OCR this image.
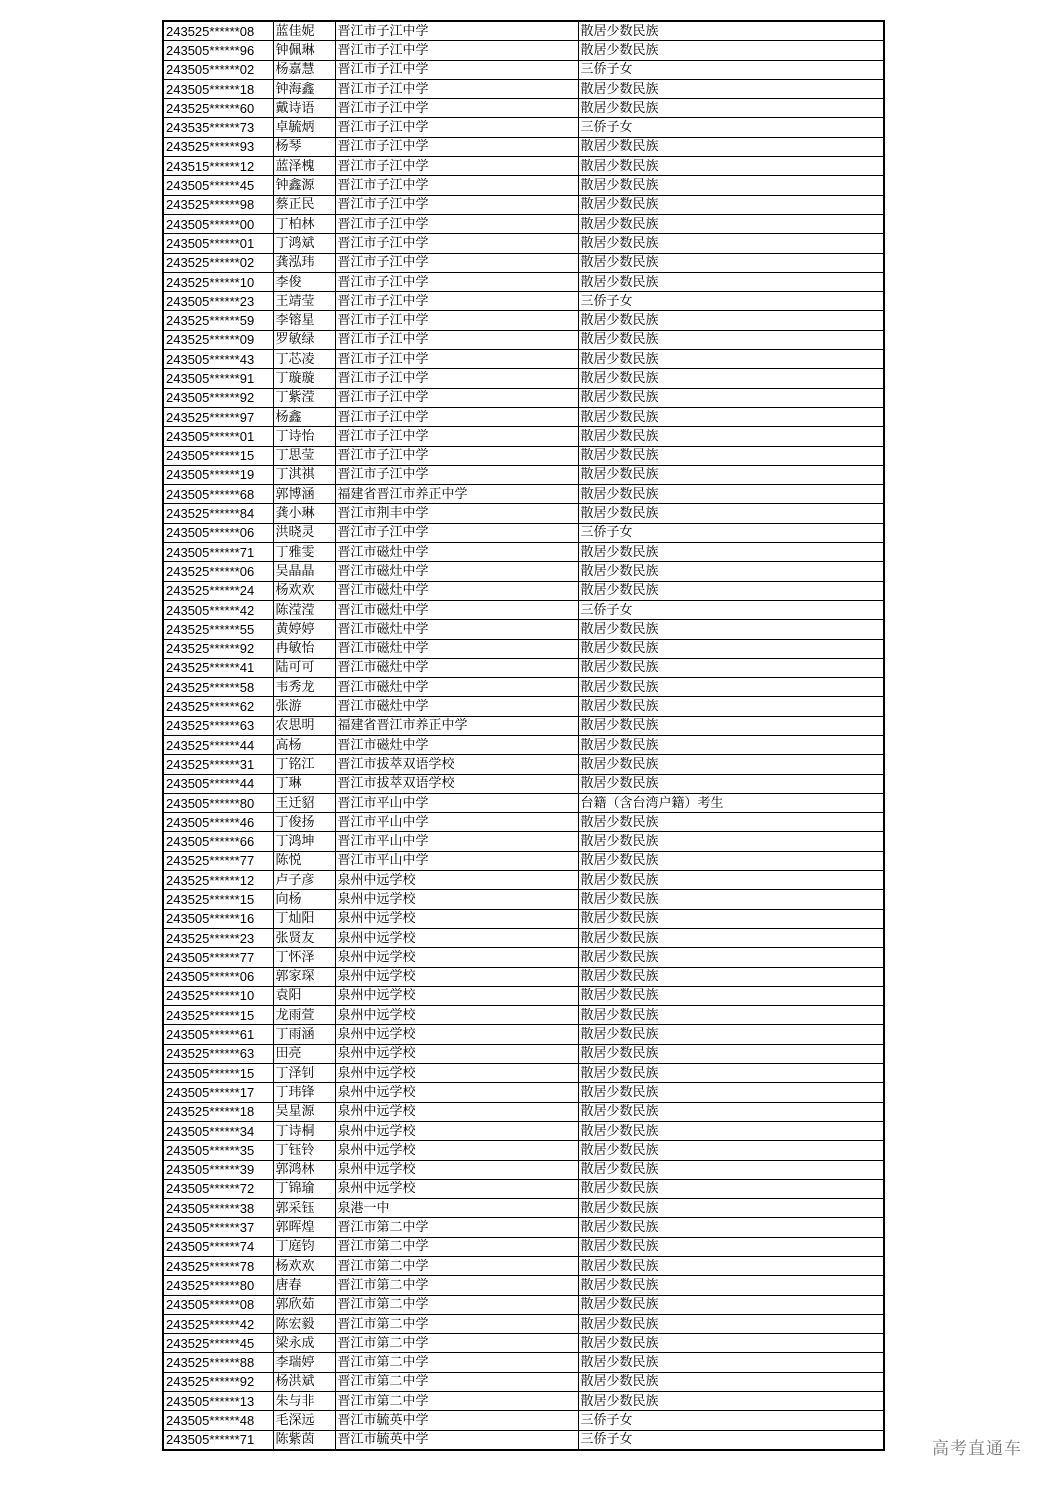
243525******08	蓝佳妮	晋江市子江中学	散居少数民族
243505******96	钟佩琳	晋江市子江中学	散居少数民族
243505******02	杨嘉慧	晋江市子江中学	三侨子女
243505******18	钟海鑫	晋江市子江中学	散居少数民族
243525******60	戴诗语	晋江市子江中学	散居少数民族
243535******73	卓毓炳	晋江市子江中学	三侨子女
243525******93	杨琴	晋江市子江中学	散居少数民族
243515******12	蓝泽槐	晋江市子江中学	散居少数民族
243505******45	钟鑫源	晋江市子江中学	散居少数民族
243525******98	蔡正民	晋江市子江中学	散居少数民族
243505******00	丁柏林	晋江市子江中学	散居少数民族
243505******01	丁鸿斌	晋江市子江中学	散居少数民族
243525******02	龚泓玮	晋江市子江中学	散居少数民族
243525******10	李俊	晋江市子江中学	散居少数民族
243505******23	王靖莹	晋江市子江中学	三侨子女
243525******59	李镕星	晋江市子江中学	散居少数民族
243525******09	罗敏绿	晋江市子江中学	散居少数民族
243505******43	丁芯凌	晋江市子江中学	散居少数民族
243505******91	丁璇璇	晋江市子江中学	散居少数民族
243505******92	丁紫滢	晋江市子江中学	散居少数民族
243525******97	杨鑫	晋江市子江中学	散居少数民族
243505******01	丁诗怡	晋江市子江中学	散居少数民族
243505******15	丁思莹	晋江市子江中学	散居少数民族
243505******19	丁淇祺	晋江市子江中学	散居少数民族
243505******68	郭博涵	福建省晋江市养正中学	散居少数民族
243525******84	龚小琳	晋江市荆丰中学	散居少数民族
243505******06	洪晓灵	晋江市子江中学	三侨子女
243505******71	丁雅雯	晋江市磁灶中学	散居少数民族
243525******06	吴晶晶	晋江市磁灶中学	散居少数民族
243525******24	杨欢欢	晋江市磁灶中学	散居少数民族
243505******42	陈滢滢	晋江市磁灶中学	三侨子女
243525******55	黄婷婷	晋江市磁灶中学	散居少数民族
243525******92	冉敏怡	晋江市磁灶中学	散居少数民族
243525******41	陆可可	晋江市磁灶中学	散居少数民族
243525******58	韦秀龙	晋江市磁灶中学	散居少数民族
243525******62	张游	晋江市磁灶中学	散居少数民族
243525******63	农思明	福建省晋江市养正中学	散居少数民族
243525******44	高杨	晋江市磁灶中学	散居少数民族
243525******31	丁铭江	晋江市拔萃双语学校	散居少数民族
243505******44	丁琳	晋江市拔萃双语学校	散居少数民族
243505******80	王迁貂	晋江市平山中学	台籍（含台湾户籍）考生
243505******46	丁俊扬	晋江市平山中学	散居少数民族
243505******66	丁鸿坤	晋江市平山中学	散居少数民族
243525******77	陈悦	晋江市平山中学	散居少数民族
243525******12	卢子彦	泉州中远学校	散居少数民族
243525******15	向杨	泉州中远学校	散居少数民族
243505******16	丁灿阳	泉州中远学校	散居少数民族
243525******23	张贤友	泉州中远学校	散居少数民族
243505******77	丁怀泽	泉州中远学校	散居少数民族
243505******06	郭家琛	泉州中远学校	散居少数民族
243525******10	袁阳	泉州中远学校	散居少数民族
243525******15	龙雨萱	泉州中远学校	散居少数民族
243505******61	丁雨涵	泉州中远学校	散居少数民族
243525******63	田亮	泉州中远学校	散居少数民族
243505******15	丁泽钊	泉州中远学校	散居少数民族
243505******17	丁玮锋	泉州中远学校	散居少数民族
243525******18	吴星源	泉州中远学校	散居少数民族
243505******34	丁诗桐	泉州中远学校	散居少数民族
243505******35	丁钰铃	泉州中远学校	散居少数民族
243505******39	郭鸿林	泉州中远学校	散居少数民族
243505******72	丁锦瑜	泉州中远学校	散居少数民族
243505******38	郭采钰	泉港一中	散居少数民族
243505******37	郭晖煌	晋江市第二中学	散居少数民族
243505******74	丁庭钧	晋江市第二中学	散居少数民族
243525******78	杨欢欢	晋江市第二中学	散居少数民族
243525******80	唐春	晋江市第二中学	散居少数民族
243505******08	郭欣茹	晋江市第二中学	散居少数民族
243525******42	陈宏毅	晋江市第二中学	散居少数民族
243525******45	梁永成	晋江市第二中学	散居少数民族
243525******88	李瑞婷	晋江市第二中学	散居少数民族
243525******92	杨洪斌	晋江市第二中学	散居少数民族
243505******13	朱与非	晋江市第二中学	散居少数民族
243505******48	毛深远	晋江市毓英中学	三侨子女
243505******71	陈紫茵	晋江市毓英中学	三侨子女	高考直通车
